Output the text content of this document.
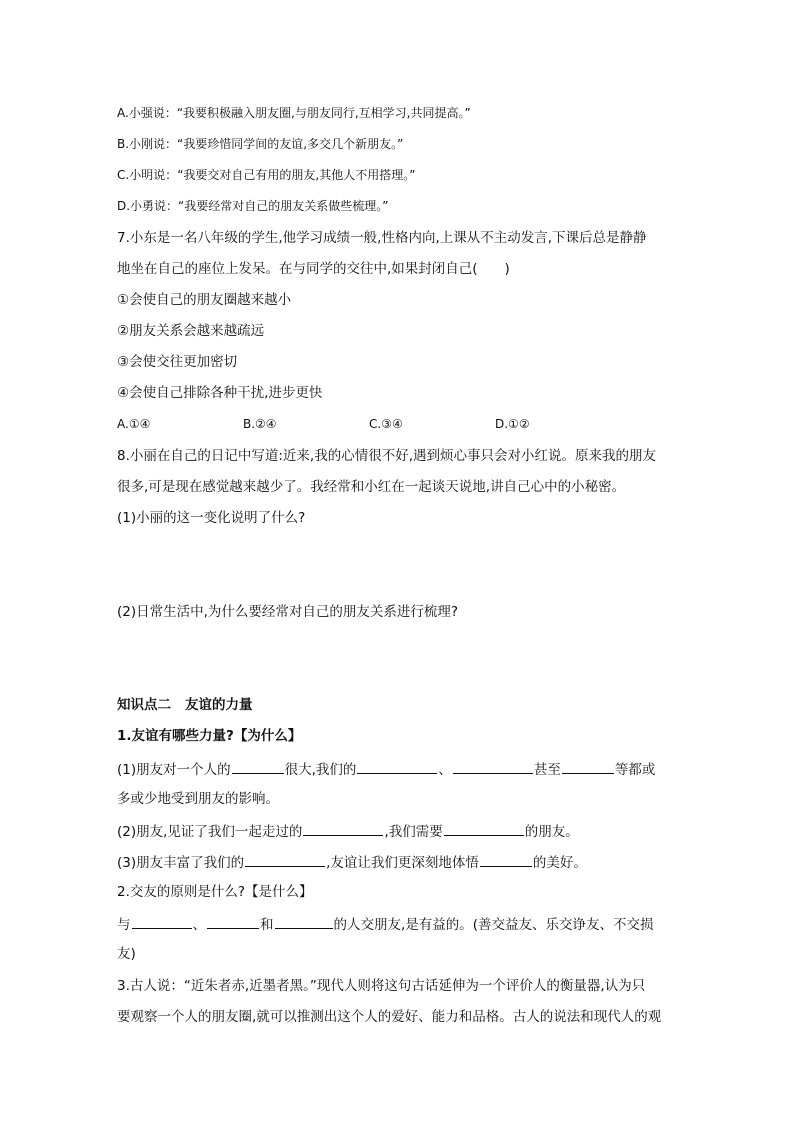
A.小强说：“我要积极融入朋友圈,与朋友同行,互相学习,共同提高。”
B.小刚说：“我要珍惜同学间的友谊,多交几个新朋友。”
C.小明说：“我要交对自己有用的朋友,其他人不用搭理。”
D.小勇说：“我要经常对自己的朋友关系做些梳理。”
7.小东是一名八年级的学生,他学习成绩一般,性格内向,上课从不主动发言,下课后总是静静
地坐在自己的座位上发呆。在与同学的交往中,如果封闭自己(　　)
①会使自己的朋友圈越来越小
②朋友关系会越来越疏远
③会使交往更加密切
④会使自己排除各种干扰,进步更快
A.①④	B.②④	C.③④	D.①②
8.小丽在自己的日记中写道:近来,我的心情很不好,遇到烦心事只会对小红说。原来我的朋友
很多,可是现在感觉越来越少了。我经常和小红在一起谈天说地,讲自己心中的小秘密。
(1)小丽的这一变化说明了什么?
(2)日常生活中,为什么要经常对自己的朋友关系进行梳理?
知识点二 友谊的力量
1.友谊有哪些力量?【为什么】
(1)朋友对一个人的	很大,我们的	、	甚至	等都或
多或少地受到朋友的影响。
(2)朋友,见证了我们一起走过的	,我们需要	的朋友。
(3)朋友丰富了我们的	,友谊让我们更深刻地体悟	的美好。
2.交友的原则是什么?【是什么】
与	、	和	的人交朋友,是有益的。(善交益友、乐交诤友、不交损
友)
3.古人说：“近朱者赤,近墨者黑。”现代人则将这句古话延伸为一个评价人的衡量器,认为只
要观察一个人的朋友圈,就可以推测出这个人的爱好、能力和品格。古人的说法和现代人的观
